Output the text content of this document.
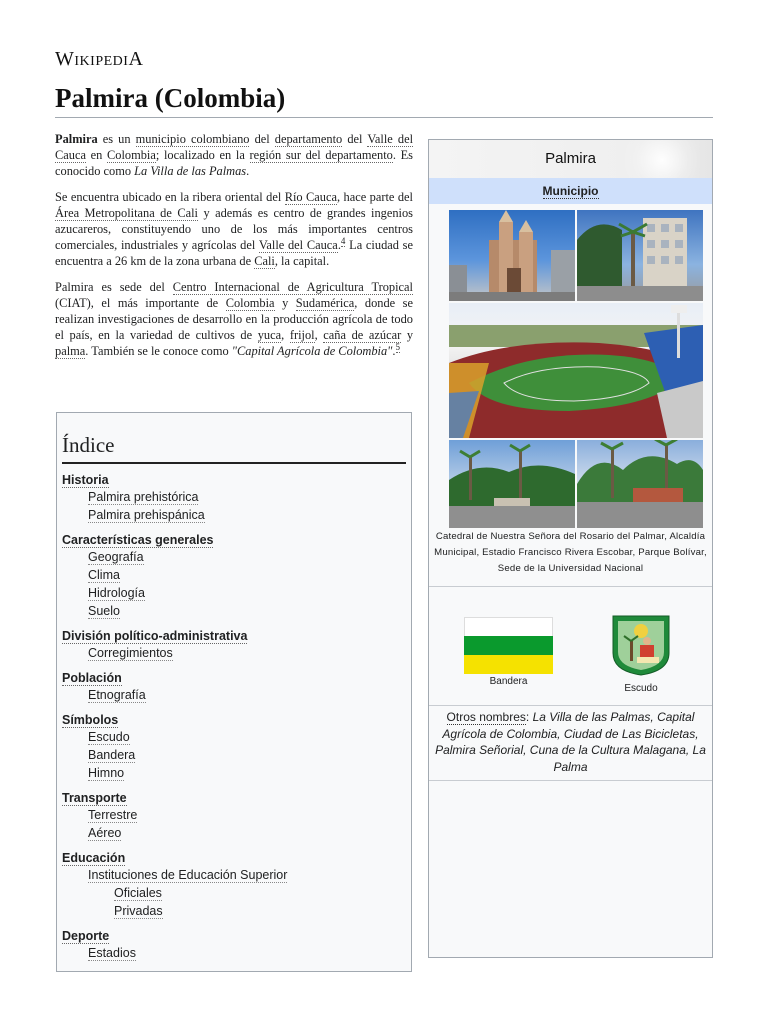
WikipediA
Palmira (Colombia)

Palmira es un municipio colombiano del departamento del Valle del Cauca en Colombia; localizado en la región sur del departamento. Es conocido como La Villa de las Palmas.

Se encuentra ubicado en la ribera oriental del Río Cauca, hace parte del Área Metropolitana de Cali y además es centro de grandes ingenios azucareros, constituyendo uno de los más importantes centros comerciales, industriales y agrícolas del Valle del Cauca.$^4$ La ciudad se encuentra a 26 km de la zona urbana de Cali, la capital.

Palmira es sede del Centro Internacional de Agricultura Tropical (CIAT), el más importante de Colombia y Sudamérica, donde se realizan investigaciones de desarrollo en la producción agrícola de todo el país, en la variedad de cultivos de yuca, frijol, caña de azúcar y palma. También se le conoce como "Capital Agrícola de Colombia".$^5$

Índice
Historia
Palmira prehistórica
Palmira prehispánica
Características generales
Geografía
Clima
Hidrología
Suelo
División político-administrativa
Corregimientos
Población
Etnografía
Símbolos
Escudo
Bandera
Himno
Transporte
Terrestre
Aéreo
Educación
Instituciones de Educación Superior
Oficiales
Privadas
Deporte
Estadios
Palmira
Municipio
Catedral de Nuestra Señora del Rosario del Palmar, Alcaldía Municipal, Estadio Francisco Rivera Escobar, Parque Bolívar, Sede de la Universidad Nacional
Bandera
Escudo
Otros nombres: La Villa de las Palmas, Capital Agrícola de Colombia, Ciudad de Las Bicicletas, Palmira Señorial, Cuna de la Cultura Malagana, La Palma
